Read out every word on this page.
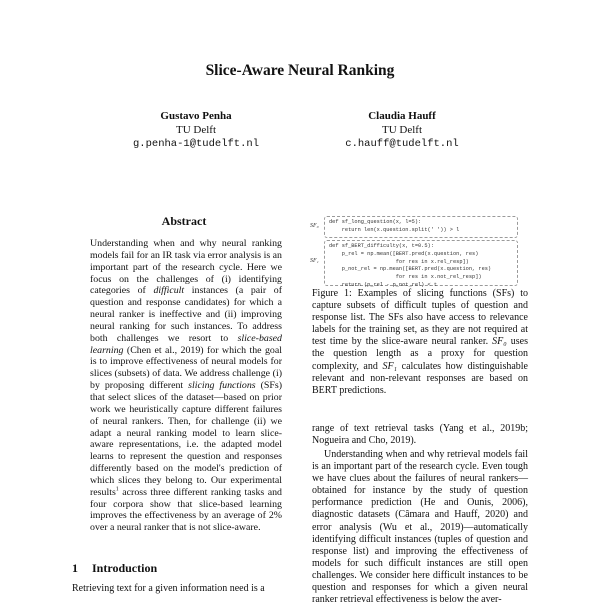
Slice-Aware Neural Ranking
Gustavo Penha
TU Delft
g.penha-1@tudelft.nl
Claudia Hauff
TU Delft
c.hauff@tudelft.nl
Abstract
Understanding when and why neural ranking models fail for an IR task via error analysis is an important part of the research cycle. Here we focus on the challenges of (i) identifying categories of difficult instances (a pair of question and response candidates) for which a neural ranker is ineffective and (ii) improving neural ranking for such instances. To address both challenges we resort to slice-based learning (Chen et al., 2019) for which the goal is to improve effectiveness of neural models for slices (subsets) of data. We address challenge (i) by proposing different slicing functions (SFs) that select slices of the dataset—based on prior work we heuristically capture different failures of neural rankers. Then, for challenge (ii) we adapt a neural ranking model to learn slice-aware representations, i.e. the adapted model learns to represent the question and responses differently based on the model's prediction of which slices they belong to. Our experimental results$^1$ across three different ranking tasks and four corpora show that slice-based learning improves the effectiveness by an average of 2% over a neural ranker that is not slice-aware.
1 Introduction
Retrieving text for a given information need is a
SF₀
def sf_long_question(x, l=5):
return len(x.question.split(' ')) > l
SF₁
def sf_BERT_difficulty(x, t=0.5):
p_rel = np.mean([BERT.pred(x.question, res)
for res in x.rel_resp])
p_not_rel = np.mean([BERT.pred(x.question, res)
for res in x.not_rel_resp])
return (p_rel - p_not_rel) < t
Figure 1: Examples of slicing functions (SFs) to capture subsets of difficult tuples of question and response list. The SFs also have access to relevance labels for the training set, as they are not required at test time by the slice-aware neural ranker. SF₀ uses the question length as a proxy for question complexity, and SF₁ calculates how distinguishable relevant and non-relevant responses are based on BERT predictions.
range of text retrieval tasks (Yang et al., 2019b; Nogueira and Cho, 2019).
Understanding when and why retrieval models fail is an important part of the research cycle. Even tough we have clues about the failures of neural rankers—obtained for instance by the study of question performance prediction (He and Ounis, 2006), diagnostic datasets (Câmara and Hauff, 2020) and error analysis (Wu et al., 2019)—automatically identifying difficult instances (tuples of question and response list) and improving the effectiveness of models for such difficult instances are still open challenges. We consider here difficult instances to be question and responses for which a given neural ranker retrieval effectiveness is below the aver-
